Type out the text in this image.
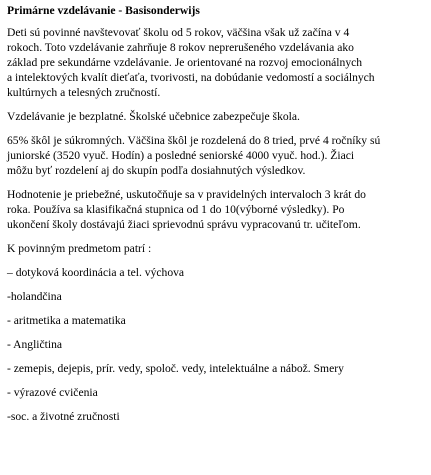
Primárne vzdelávanie - Basisonderwijs
Deti sú povinné navštevovať školu od 5 rokov, väčšina však už začína v 4
rokoch. Toto vzdelávanie zahrňuje 8 rokov neprerušeného vzdelávania ako
základ pre sekundárne vzdelávanie. Je orientované na rozvoj emocionálnych
a intelektových kvalít dieťaťa, tvorivosti, na dobúdanie vedomostí a sociálnych
kultúrnych a telesných zručností.
Vzdelávanie je bezplatné. Školské učebnice zabezpečuje škola.
65% škôl je súkromných. Väčšina škôl je rozdelená do 8 tried, prvé 4 ročníky sú
juniorské (3520 vyuč. Hodín) a posledné seniorské 4000 vyuč. hod.). Žiaci
môžu byť rozdelení aj do skupín podľa dosiahnutých výsledkov.
Hodnotenie je priebežné, uskutočňuje sa v pravidelných intervaloch 3 krát do
roka. Používa sa klasifikačná stupnica od 1 do 10(výborné výsledky). Po
ukončení školy dostávajú žiaci sprievodnú správu vypracovanú tr. učiteľom.
K povinným predmetom patrí :
– dotyková koordinácia a tel. výchova
-holandčina
- aritmetika a matematika
- Angličtina
- zemepis, dejepis, prír. vedy, spoloč. vedy, intelektuálne a nábož. Smery
- výrazové cvičenia
-soc. a životné zručnosti
